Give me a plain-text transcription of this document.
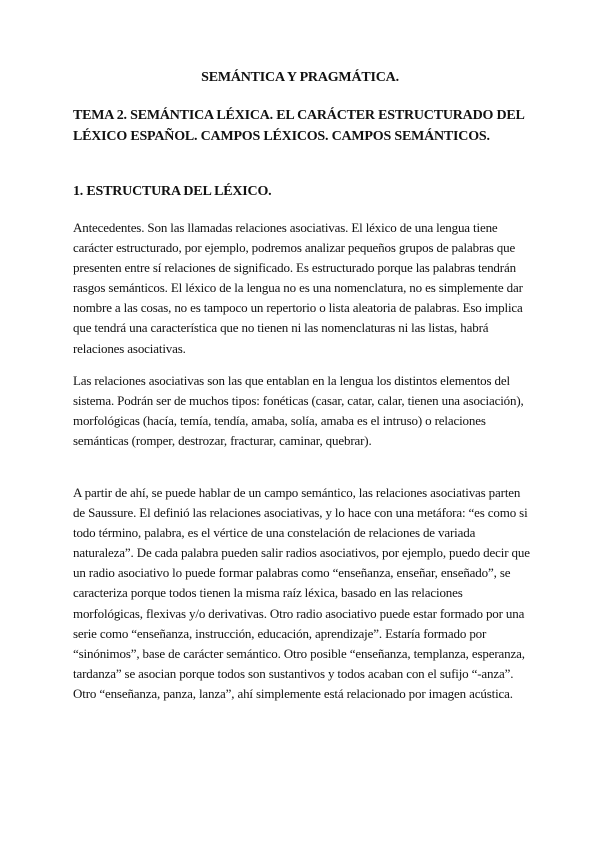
SEMÁNTICA Y PRAGMÁTICA.
TEMA 2. SEMÁNTICA LÉXICA. EL CARÁCTER ESTRUCTURADO DEL LÉXICO ESPAÑOL. CAMPOS LÉXICOS. CAMPOS SEMÁNTICOS.
1. ESTRUCTURA DEL LÉXICO.

Antecedentes. Son las llamadas relaciones asociativas. El léxico de una lengua tiene carácter estructurado, por ejemplo, podremos analizar pequeños grupos de palabras que presenten entre sí relaciones de significado. Es estructurado porque las palabras tendrán rasgos semánticos. El léxico de la lengua no es una nomenclatura, no es simplemente dar nombre a las cosas, no es tampoco un repertorio o lista aleatoria de palabras. Eso implica que tendrá una característica que no tienen ni las nomenclaturas ni las listas, habrá relaciones asociativas.

Las relaciones asociativas son las que entablan en la lengua los distintos elementos del sistema. Podrán ser de muchos tipos: fonéticas (casar, catar, calar, tienen una asociación), morfológicas (hacía, temía, tendía, amaba, solía, amaba es el intruso) o relaciones semánticas (romper, destrozar, fracturar, caminar, quebrar).

A partir de ahí, se puede hablar de un campo semántico, las relaciones asociativas parten de Saussure. El definió las relaciones asociativas, y lo hace con una metáfora: “es como si todo término, palabra, es el vértice de una constelación de relaciones de variada naturaleza”. De cada palabra pueden salir radios asociativos, por ejemplo, puedo decir que un radio asociativo lo puede formar palabras como “enseñanza, enseñar, enseñado”, se caracteriza porque todos tienen la misma raíz léxica, basado en las relaciones morfológicas, flexivas y/o derivativas. Otro radio asociativo puede estar formado por una serie como “enseñanza, instrucción, educación, aprendizaje”. Estaría formado por “sinónimos”, base de carácter semántico. Otro posible “enseñanza, templanza, esperanza, tardanza” se asocian porque todos son sustantivos y todos acaban con el sufijo “-anza”. Otro “enseñanza, panza, lanza”, ahí simplemente está relacionado por imagen acústica.
